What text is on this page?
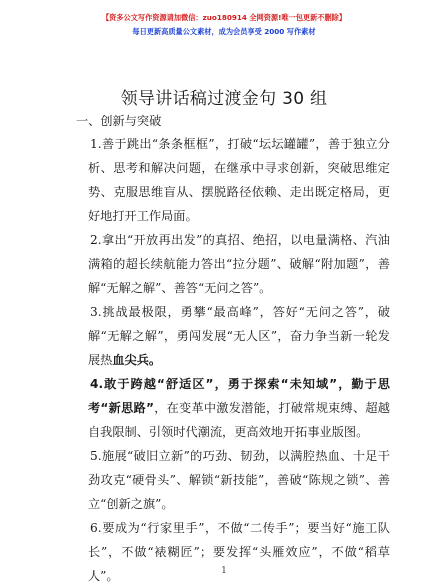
【资多公文写作资源请加微信：zuo180914 全网资源!唯一包更新不删除】
每日更新高质量公文素材，成为会员享受 2000 写作素材
领导讲话稿过渡金句 30 组
一、创新与突破
1.善于跳出“条条框框”，打破“坛坛罐罐”，善于独立分析、思考和解决问题，在继承中寻求创新，突破思维定势、克服思维盲从、摆脱路径依赖、走出既定格局，更好地打开工作局面。
2.拿出“开放再出发”的真招、绝招，以电量满格、汽油满箱的超长续航能力答出“拉分题”、破解“附加题”，善解“无解之解”、善答“无问之答”。
3.挑战最极限，勇攀“最高峰”，答好“无问之答”，破解“无解之解”，勇闯发展“无人区”，奋力争当新一轮发展热血尖兵。
4.敢于跨越“舒适区”，勇于探索“未知域”，勤于思考“新思路”，在变革中激发潜能，打破常规束缚、超越自我限制、引领时代潮流，更高效地开拓事业版图。
5.施展“破旧立新”的巧劲、韧劲，以满腔热血、十足干劲攻克“硬骨头”、解锁“新技能”，善破“陈规之锁”、善立“创新之旗”。
6.要成为“行家里手”，不做“二传手”；要当好“施工队长”，不做“裱糊匠”；要发挥“头雁效应”，不做“稻草人”。	1
